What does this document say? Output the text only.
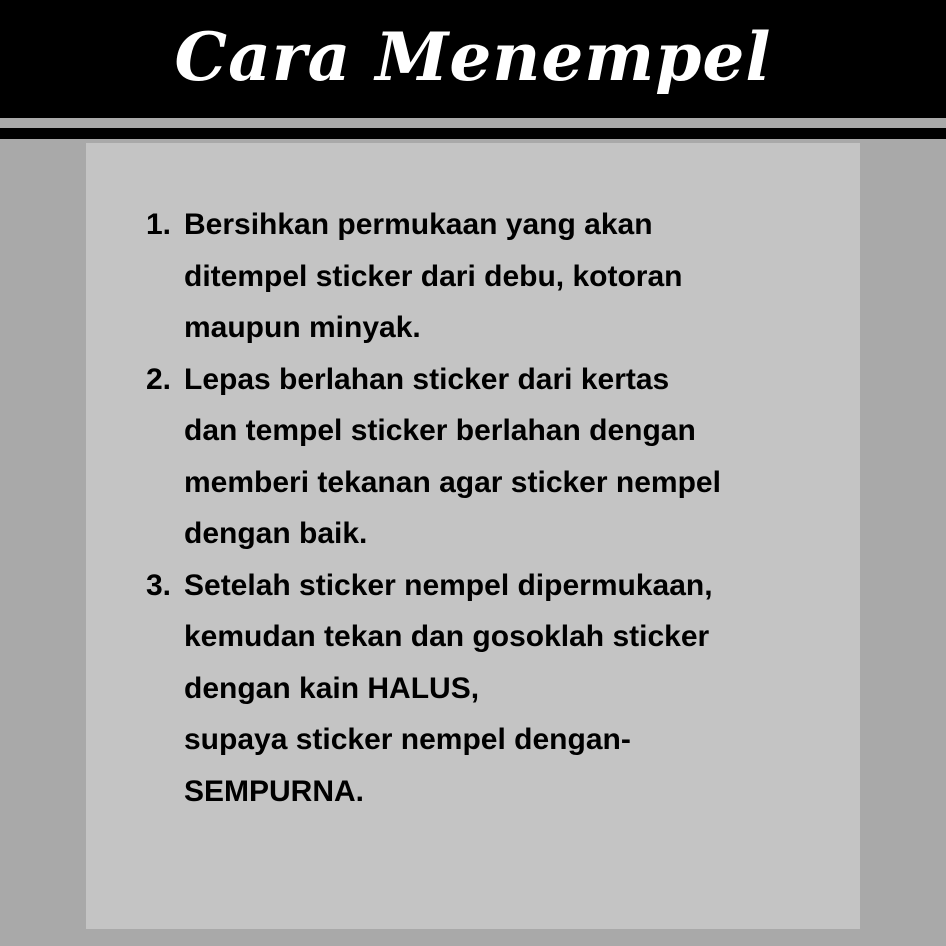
Cara Menempel
1. Bersihkan permukaan yang akan
ditempel sticker dari debu, kotoran
maupun minyak.
2. Lepas berlahan sticker dari kertas
dan tempel sticker berlahan dengan
memberi tekanan agar sticker nempel
dengan baik.
3. Setelah sticker nempel dipermukaan,
kemudan tekan dan gosoklah sticker
dengan kain HALUS,
supaya sticker nempel dengan-
SEMPURNA.
